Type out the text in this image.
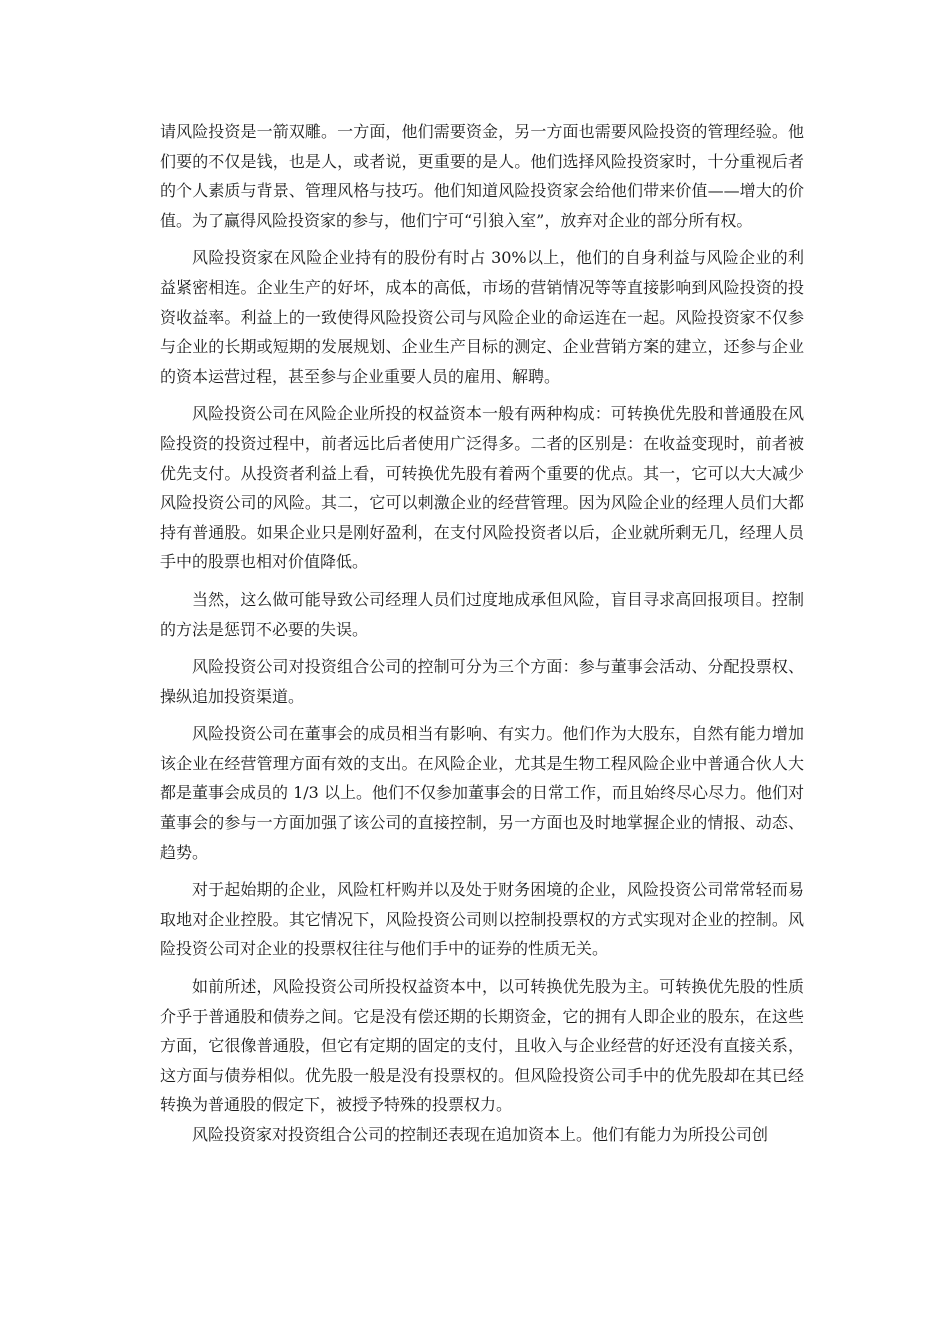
请风险投资是一箭双雕。一方面，他们需要资金，另一方面也需要风险投资的管理经验。他们要的不仅是钱，也是人，或者说，更重要的是人。他们选择风险投资家时，十分重视后者的个人素质与背景、管理风格与技巧。他们知道风险投资家会给他们带来价值——增大的价值。为了赢得风险投资家的参与，他们宁可“引狼入室”，放弃对企业的部分所有权。

风险投资家在风险企业持有的股份有时占 30%以上，他们的自身利益与风险企业的利益紧密相连。企业生产的好坏，成本的高低，市场的营销情况等等直接影响到风险投资的投资收益率。利益上的一致使得风险投资公司与风险企业的命运连在一起。风险投资家不仅参与企业的长期或短期的发展规划、企业生产目标的测定、企业营销方案的建立，还参与企业的资本运营过程，甚至参与企业重要人员的雇用、解聘。

风险投资公司在风险企业所投的权益资本一般有两种构成：可转换优先股和普通股在风险投资的投资过程中，前者远比后者使用广泛得多。二者的区别是：在收益变现时，前者被优先支付。从投资者利益上看，可转换优先股有着两个重要的优点。其一，它可以大大减少风险投资公司的风险。其二，它可以刺激企业的经营管理。因为风险企业的经理人员们大都持有普通股。如果企业只是刚好盈利，在支付风险投资者以后，企业就所剩无几，经理人员手中的股票也相对价值降低。

当然，这么做可能导致公司经理人员们过度地成承但风险，盲目寻求高回报项目。控制的方法是惩罚不必要的失误。

风险投资公司对投资组合公司的控制可分为三个方面：参与董事会活动、分配投票权、操纵追加投资渠道。

风险投资公司在董事会的成员相当有影响、有实力。他们作为大股东，自然有能力增加该企业在经营管理方面有效的支出。在风险企业，尤其是生物工程风险企业中普通合伙人大都是董事会成员的 1/3 以上。他们不仅参加董事会的日常工作，而且始终尽心尽力。他们对董事会的参与一方面加强了该公司的直接控制，另一方面也及时地掌握企业的情报、动态、趋势。

对于起始期的企业，风险杠杆购并以及处于财务困境的企业，风险投资公司常常轻而易取地对企业控股。其它情况下，风险投资公司则以控制投票权的方式实现对企业的控制。风险投资公司对企业的投票权往往与他们手中的证券的性质无关。

如前所述，风险投资公司所投权益资本中，以可转换优先股为主。可转换优先股的性质介乎于普通股和债券之间。它是没有偿还期的长期资金，它的拥有人即企业的股东，在这些方面，它很像普通股，但它有定期的固定的支付，且收入与企业经营的好还没有直接关系，这方面与债券相似。优先股一般是没有投票权的。但风险投资公司手中的优先股却在其已经转换为普通股的假定下，被授予特殊的投票权力。

风险投资家对投资组合公司的控制还表现在追加资本上。他们有能力为所投公司创
